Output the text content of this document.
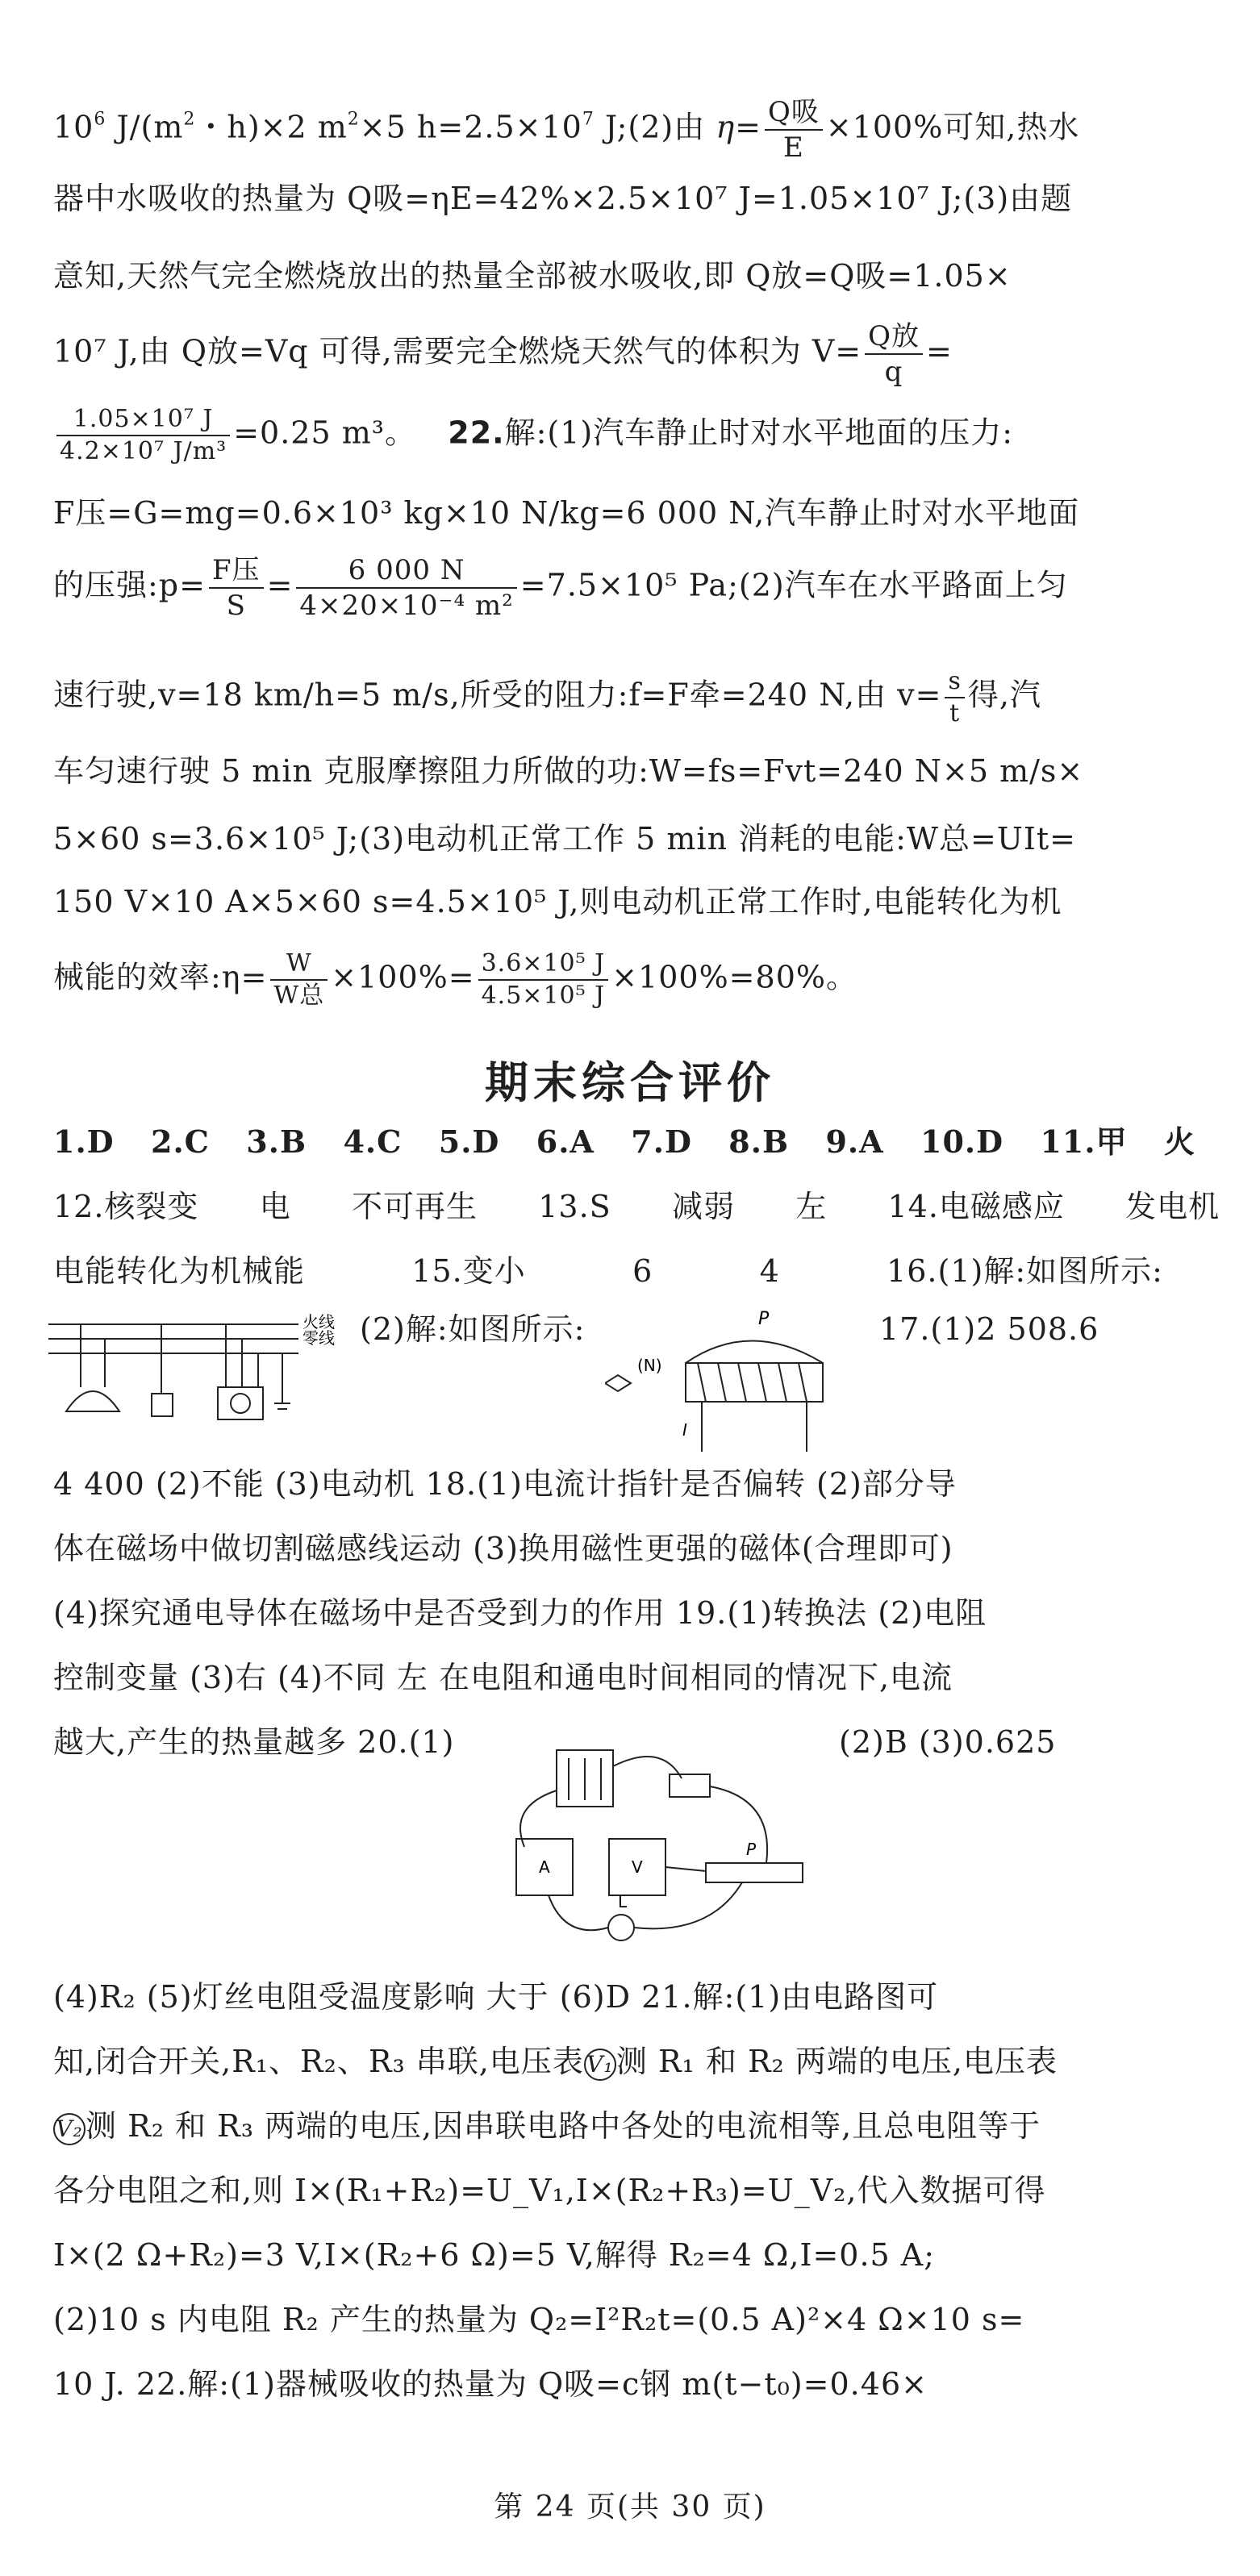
$10^6$ $J/(m^2$・h)×2 $m^2\times 5$ $h=2.5\times 10^7$ J;(2)由 $\eta= \frac{\text{Q吸}}{E} \times 100\%$可知,热水
器中水吸收的热量为 Q吸=ηE=42%×2.5×10⁷ J=1.05×10⁷ J;(3)由题
意知,天然气完全燃烧放出的热量全部被水吸收,即 Q放=Q吸=1.05×
10⁷ J,由 Q放=Vq 可得,需要完全燃烧天然气的体积为 $V= \frac{\text{Q放}}{q}$ =
$\frac{\text{1.05×10⁷ J}}{\text{4.2×10⁷ J/m³}} =0.25$ m³。 22.解:(1)汽车静止时对水平地面的压力:
F压=G=mg=0.6×10³ kg×10 N/kg=6 000 N,汽车静止时对水平地面
的压强:p= $\frac{\text{F压}}{S} = \frac{6 000 N}{\text{4×20×10⁻⁴ m²}} =7.5\times 10^5$ Pa;(2)汽车在水平路面上匀
速行驶,v=18 km/h=5 m/s,所受的阻力:f=F牵=240 N,由 $v= \frac{s}{t}$ 得,汽
车匀速行驶 5 min 克服摩擦阻力所做的功:W=fs=Fvt=240 N×5 m/s×
5×60 s=3.6×10⁵ J;(3)电动机正常工作 5 min 消耗的电能:W总=UIt=
150 V×10 A×5×60 s=4.5×10⁵ J,则电动机正常工作时,电能转化为机
械能的效率:η= $\frac{W}{\text{W总}} \times 100\%= \frac{\text{3.6×10⁵ J}}{\text{4.5×10⁵ J}} \times 100\%=80\%$。
期末综合评价
1.D 2.C 3.B 4.C 5.D 6.A 7.D 8.B 9.A 10.D 11.甲 火
12.核裂变 电 不可再生 13.S 减弱 左 14.电磁感应 发电机
电能转化为机械能	15.变小	6	4	16.(1)解:如图所示:
火线
零线 (2)解:如图所示:	17.(1)2 508.6
P
(N)
I
4 400 (2)不能 (3)电动机 18.(1)电流计指针是否偏转 (2)部分导
体在磁场中做切割磁感线运动 (3)换用磁性更强的磁体(合理即可)
(4)探究通电导体在磁场中是否受到力的作用 19.(1)转换法 (2)电阻
控制变量 (3)右 (4)不同 左 在电阻和通电时间相同的情况下,电流
越大,产生的热量越多 20.(1)	(2)B (3)0.625
A	V
P
L
(4)R₂ (5)灯丝电阻受温度影响 大于 (6)D 21.解:(1)由电路图可
知,闭合开关,R₁、R₂、R₃ 串联,电压表 V₁测 R₁ 和 R₂ 两端的电压,电压表
V₂测 R₂ 和 R₃ 两端的电压,因串联电路中各处的电流相等,且总电阻等于
各分电阻之和,则 I×(R₁+R₂)=U_V₁,I×(R₂+R₃)=U_V₂,代入数据可得
I×(2 Ω+R₂)=3 V,I×(R₂+6 Ω)=5 V,解得 R₂=4 Ω,I=0.5 A;
(2)10 s 内电阻 R₂ 产生的热量为 Q₂=I²R₂t=(0.5 A)²×4 Ω×10 s=
10 J. 22.解:(1)器械吸收的热量为 Q吸=c钢 m(t−t₀)=0.46×
第 24 页(共 30 页)
